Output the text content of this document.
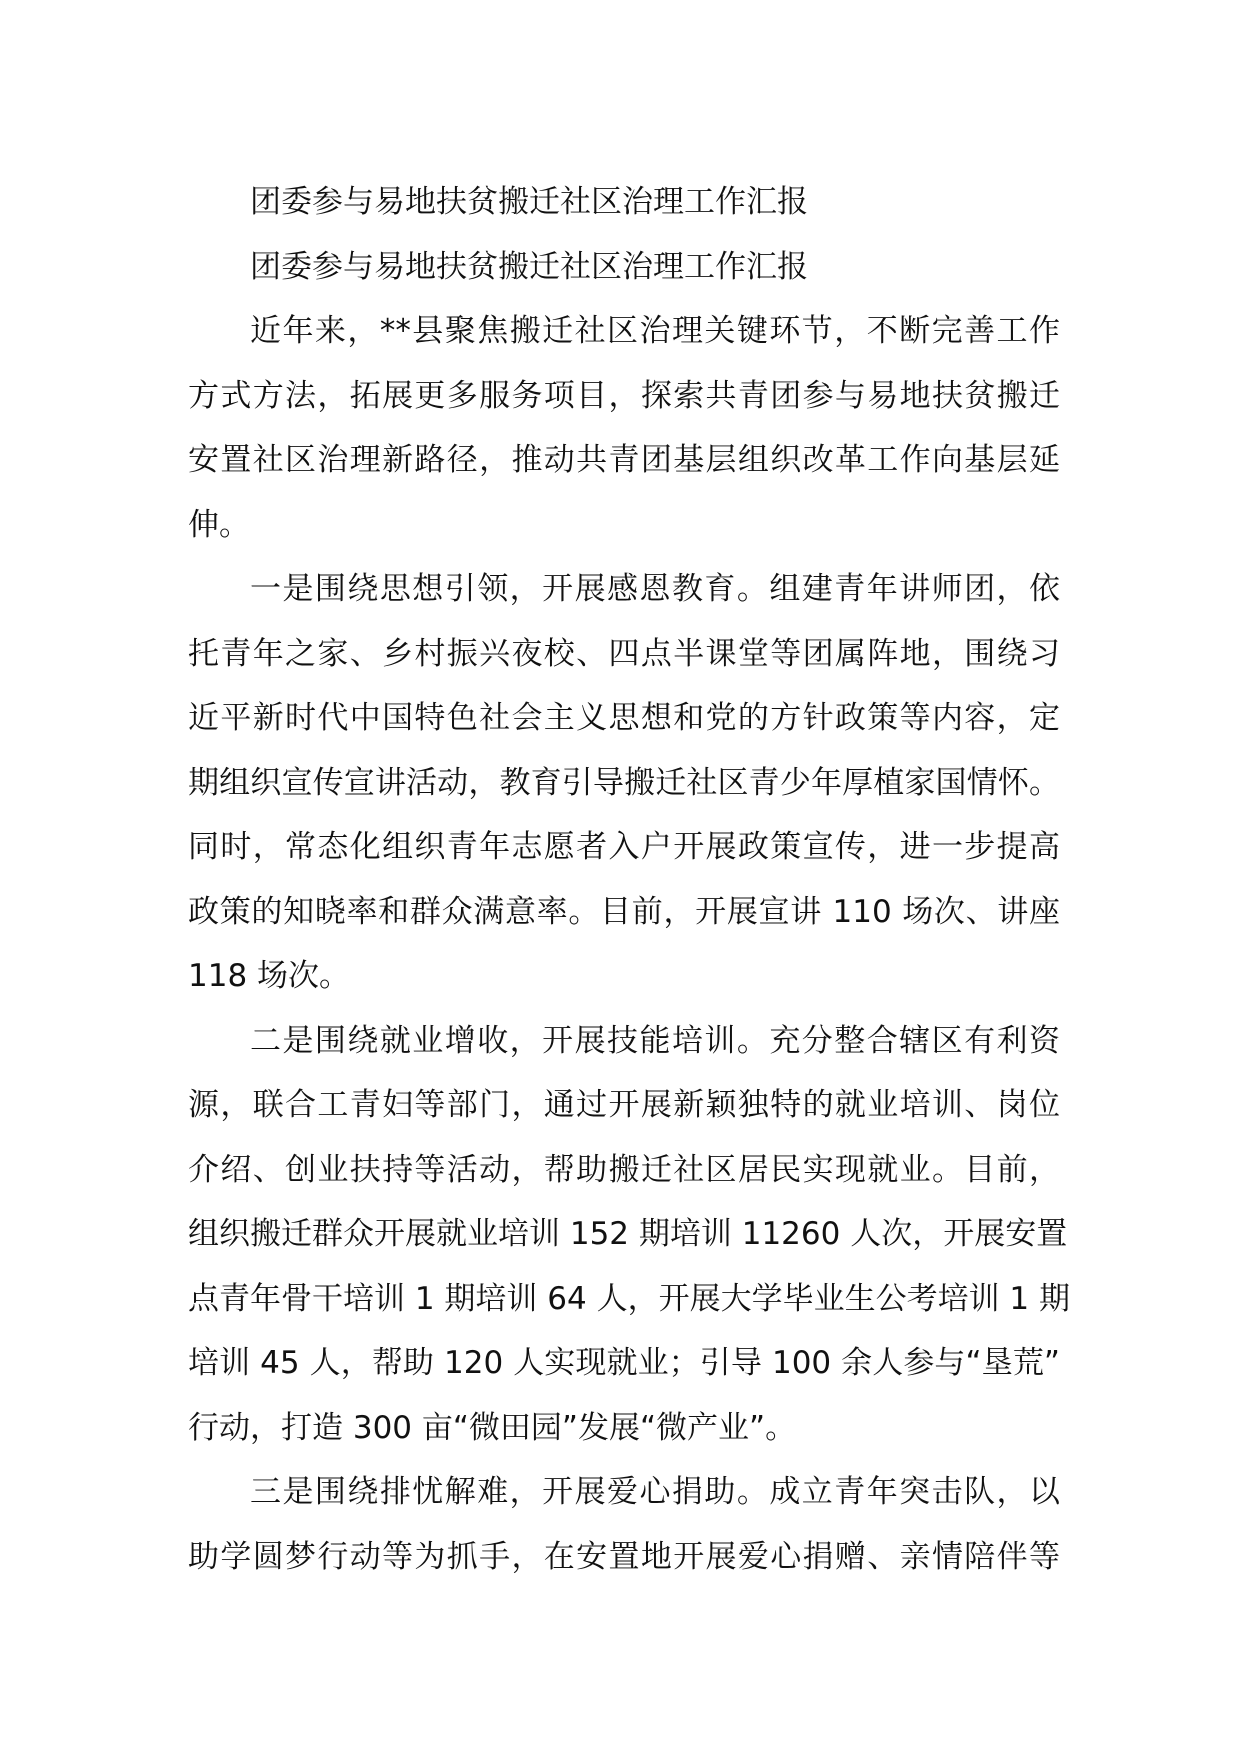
团委参与易地扶贫搬迁社区治理工作汇报
团委参与易地扶贫搬迁社区治理工作汇报
近年来，**县聚焦搬迁社区治理关键环节，不断完善工作
方式方法，拓展更多服务项目，探索共青团参与易地扶贫搬迁
安置社区治理新路径，推动共青团基层组织改革工作向基层延
伸。
一是围绕思想引领，开展感恩教育。组建青年讲师团，依
托青年之家、乡村振兴夜校、四点半课堂等团属阵地，围绕习
近平新时代中国特色社会主义思想和党的方针政策等内容，定
期组织宣传宣讲活动，教育引导搬迁社区青少年厚植家国情怀。
同时，常态化组织青年志愿者入户开展政策宣传，进一步提高
政策的知晓率和群众满意率。目前，开展宣讲 110 场次、讲座
118 场次。
二是围绕就业增收，开展技能培训。充分整合辖区有利资
源，联合工青妇等部门，通过开展新颖独特的就业培训、岗位
介绍、创业扶持等活动，帮助搬迁社区居民实现就业。目前，
组织搬迁群众开展就业培训 152 期培训 11260 人次，开展安置
点青年骨干培训 1 期培训 64 人，开展大学毕业生公考培训 1 期
培训 45 人，帮助 120 人实现就业；引导 100 余人参与“垦荒”
行动，打造 300 亩“微田园”发展“微产业”。
三是围绕排忧解难，开展爱心捐助。成立青年突击队，以
助学圆梦行动等为抓手，在安置地开展爱心捐赠、亲情陪伴等
